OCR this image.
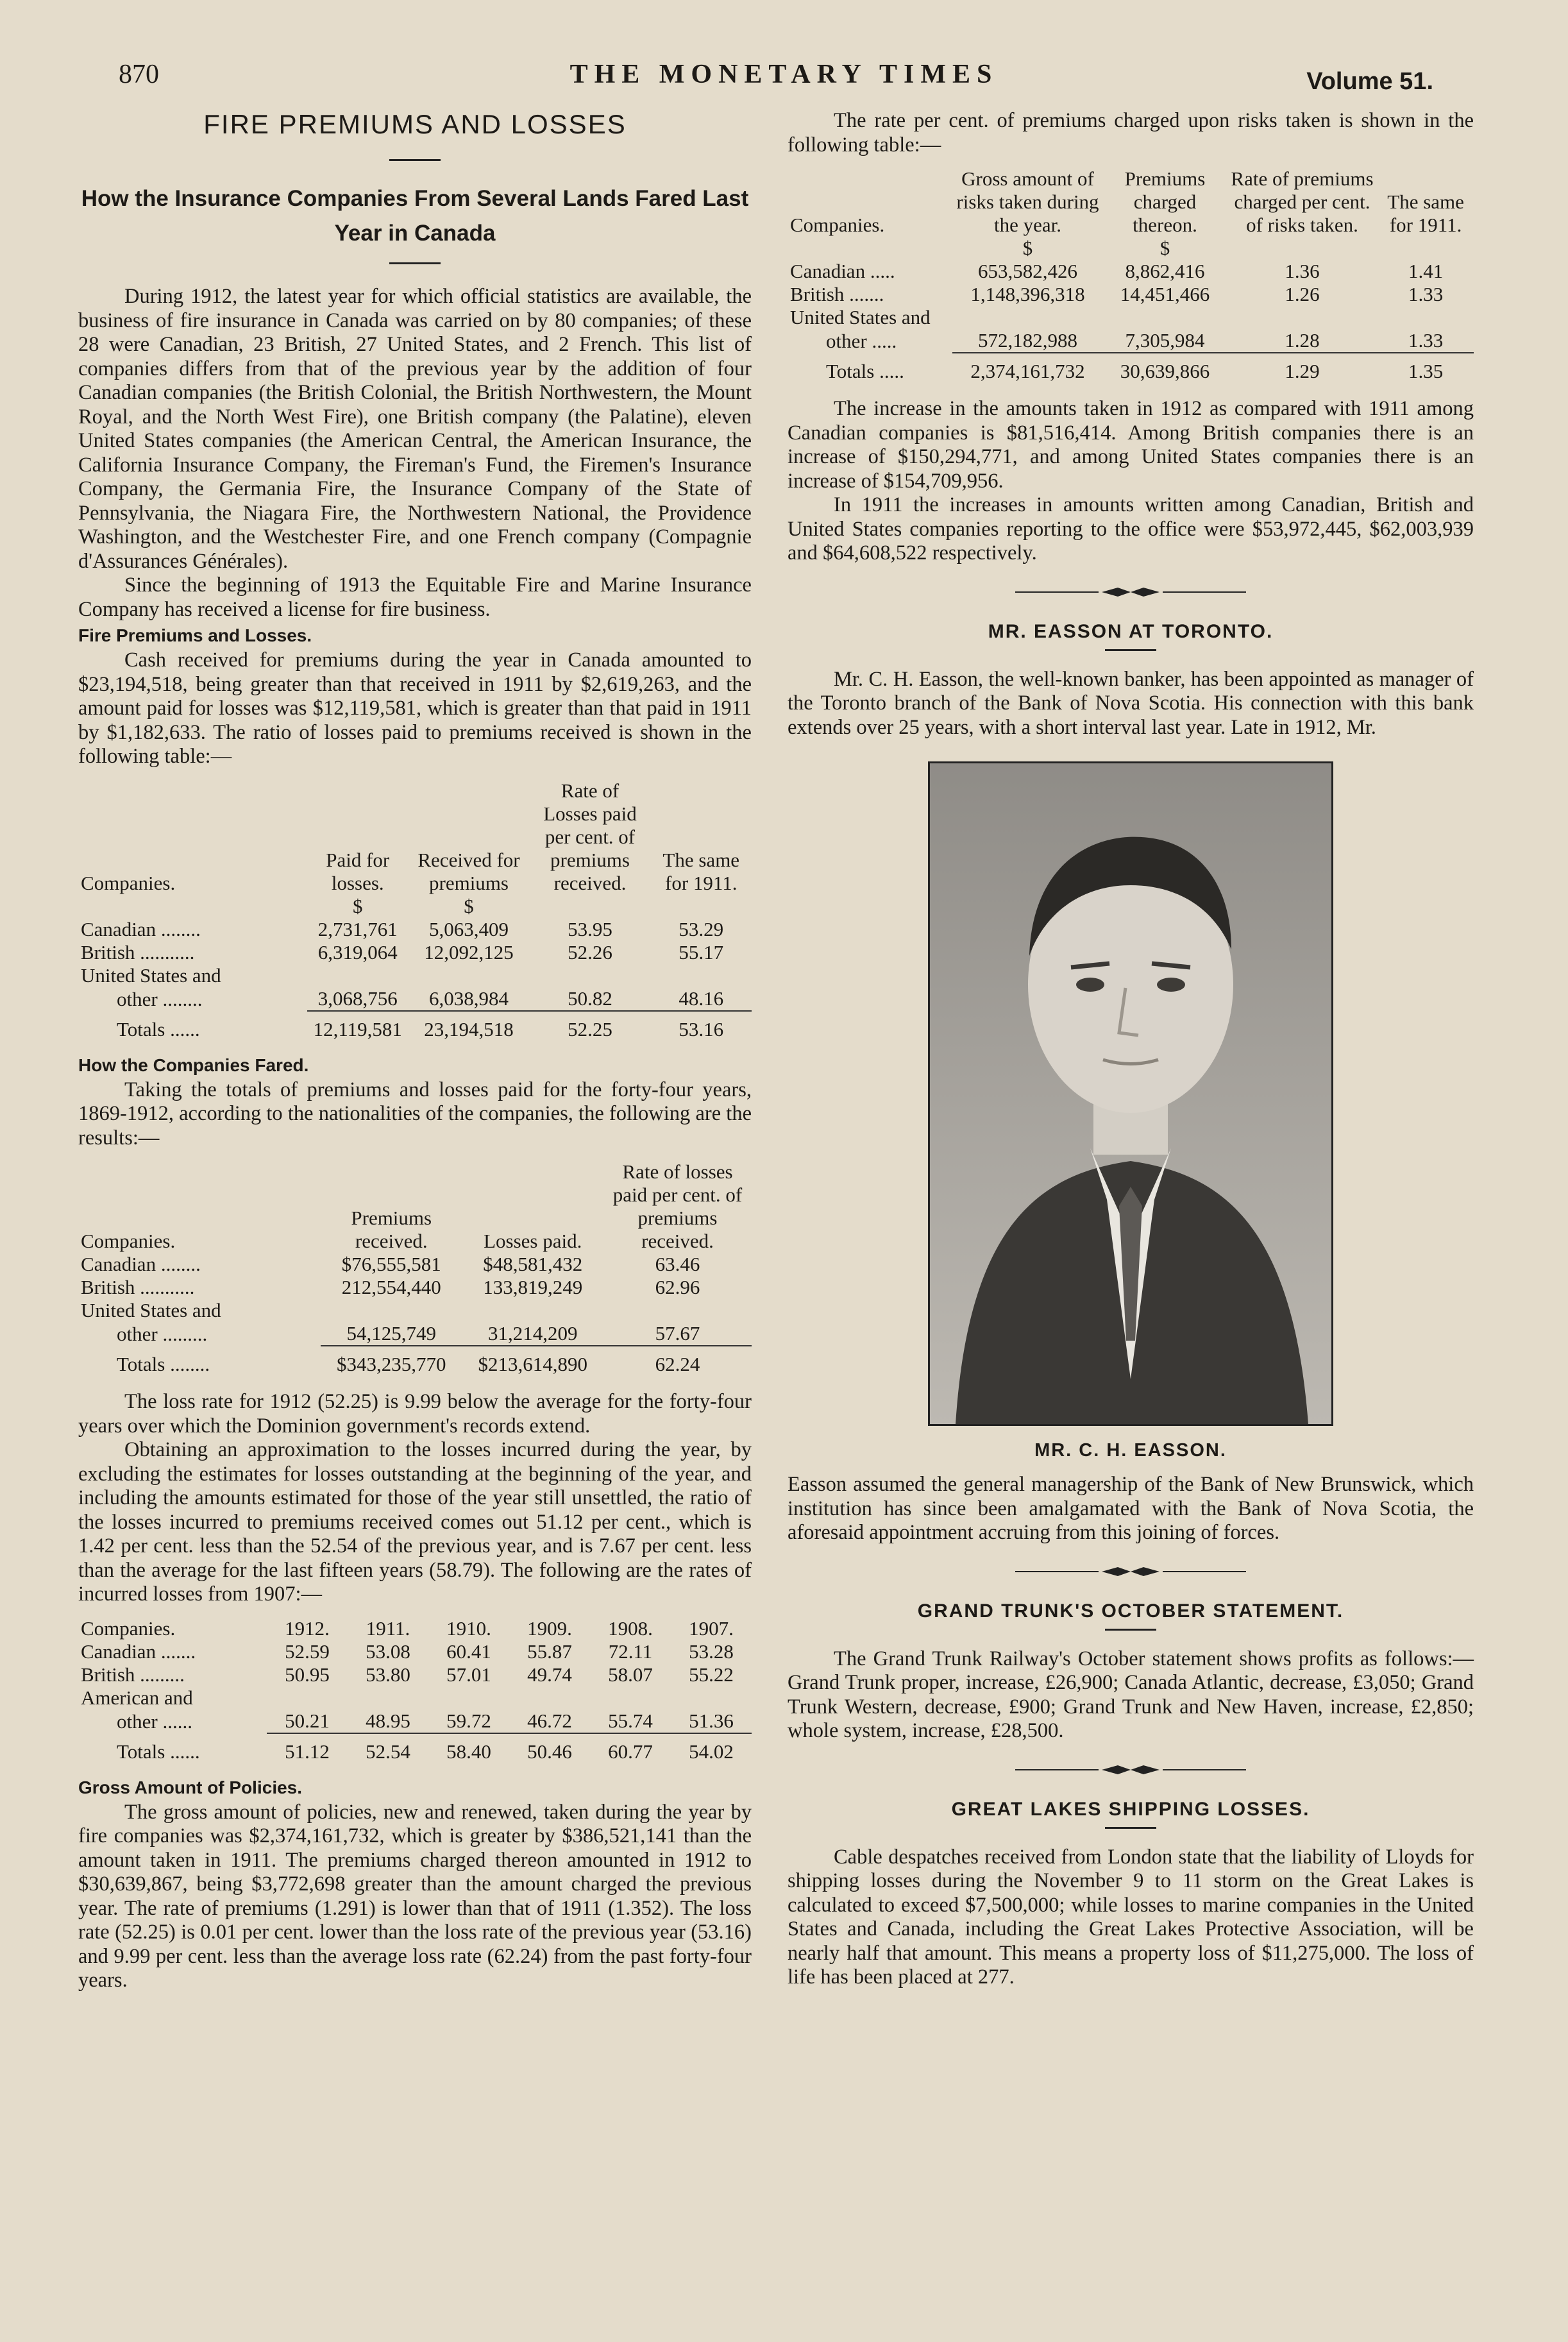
870	THE MONETARY TIMES	Volume 51.
FIRE PREMIUMS AND LOSSES
How the Insurance Companies From Several Lands Fared Last Year in Canada

During 1912, the latest year for which official statistics are available, the business of fire insurance in Canada was carried on by 80 companies; of these 28 were Canadian, 23 British, 27 United States, and 2 French. This list of companies differs from that of the previous year by the addition of four Canadian companies (the British Colonial, the British Northwestern, the Mount Royal, and the North West Fire), one British company (the Palatine), eleven United States companies (the American Central, the American Insurance, the California Insurance Company, the Fireman's Fund, the Firemen's Insurance Company, the Germania Fire, the Insurance Company of the State of Pennsylvania, the Niagara Fire, the Northwestern National, the Providence Washington, and the Westchester Fire, and one French company (Compagnie d'Assurances Générales).

Since the beginning of 1913 the Equitable Fire and Marine Insurance Company has received a license for fire business.

Fire Premiums and Losses.

Cash received for premiums during the year in Canada amounted to $23,194,518, being greater than that received in 1911 by $2,619,263, and the amount paid for losses was $12,119,581, which is greater than that paid in 1911 by $1,182,633. The ratio of losses paid to premiums received is shown in the following table:—

Companies.	Paid for losses.	Received for premiums	Rate of Losses paid per cent. of premiums received.	The same for 1911.
	$	$		
Canadian ........	2,731,761	5,063,409	53.95	53.29
British ...........	6,319,064	12,092,125	52.26	55.17
United States and				
other ........	3,068,756	6,038,984	50.82	48.16
Totals ......	12,119,581	23,194,518	52.25	53.16
How the Companies Fared.

Taking the totals of premiums and losses paid for the forty-four years, 1869-1912, according to the nationalities of the companies, the following are the results:—

Companies.	Premiums received.	Losses paid.	Rate of losses paid per cent. of premiums received.
Canadian ........	$76,555,581	$48,581,432	63.46
British ...........	212,554,440	133,819,249	62.96
United States and			
other .........	54,125,749	31,214,209	57.67
Totals ........	$343,235,770	$213,614,890	62.24

The loss rate for 1912 (52.25) is 9.99 below the average for the forty-four years over which the Dominion government's records extend.

Obtaining an approximation to the losses incurred during the year, by excluding the estimates for losses outstanding at the beginning of the year, and including the amounts estimated for those of the year still unsettled, the ratio of the losses incurred to premiums received comes out 51.12 per cent., which is 1.42 per cent. less than the 52.54 of the previous year, and is 7.67 per cent. less than the average for the last fifteen years (58.79). The following are the rates of incurred losses from 1907:—

Companies.	1912.	1911.	1910.	1909.	1908.	1907.
Canadian .......	52.59	53.08	60.41	55.87	72.11	53.28
British .........	50.95	53.80	57.01	49.74	58.07	55.22
American and						
other ......	50.21	48.95	59.72	46.72	55.74	51.36
Totals ......	51.12	52.54	58.40	50.46	60.77	54.02
Gross Amount of Policies.

The gross amount of policies, new and renewed, taken during the year by fire companies was $2,374,161,732, which is greater by $386,521,141 than the amount taken in 1911. The premiums charged thereon amounted in 1912 to $30,639,867, being $3,772,698 greater than the amount charged the previous year. The rate of premiums (1.291) is lower than that of 1911 (1.352). The loss rate (52.25) is 0.01 per cent. lower than the loss rate of the previous year (53.16) and 9.99 per cent. less than the average loss rate (62.24) from the past forty-four years.

The rate per cent. of premiums charged upon risks taken is shown in the following table:—

Companies.	Gross amount of risks taken during the year.	Premiums charged thereon.	Rate of premiums charged per cent. of risks taken.	The same for 1911.
	$	$		
Canadian .....	653,582,426	8,862,416	1.36	1.41
British .......	1,148,396,318	14,451,466	1.26	1.33
United States and				
other .....	572,182,988	7,305,984	1.28	1.33
Totals .....	2,374,161,732	30,639,866	1.29	1.35

The increase in the amounts taken in 1912 as compared with 1911 among Canadian companies is $81,516,414. Among British companies there is an increase of $150,294,771, and among United States companies there is an increase of $154,709,956.

In 1911 the increases in amounts written among Canadian, British and United States companies reporting to the office were $53,972,445, $62,003,939 and $64,608,522 respectively.

MR. EASSON AT TORONTO.

Mr. C. H. Easson, the well-known banker, has been appointed as manager of the Toronto branch of the Bank of Nova Scotia. His connection with this bank extends over 25 years, with a short interval last year. Late in 1912, Mr.

MR. C. H. EASSON.

Easson assumed the general managership of the Bank of New Brunswick, which institution has since been amalgamated with the Bank of Nova Scotia, the aforesaid appointment accruing from this joining of forces.

GRAND TRUNK'S OCTOBER STATEMENT.

The Grand Trunk Railway's October statement shows profits as follows:—Grand Trunk proper, increase, £26,900; Canada Atlantic, decrease, £3,050; Grand Trunk Western, decrease, £900; Grand Trunk and New Haven, increase, £2,850; whole system, increase, £28,500.

GREAT LAKES SHIPPING LOSSES.

Cable despatches received from London state that the liability of Lloyds for shipping losses during the November 9 to 11 storm on the Great Lakes is calculated to exceed $7,500,000; while losses to marine companies in the United States and Canada, including the Great Lakes Protective Association, will be nearly half that amount. This means a property loss of $11,275,000. The loss of life has been placed at 277.
